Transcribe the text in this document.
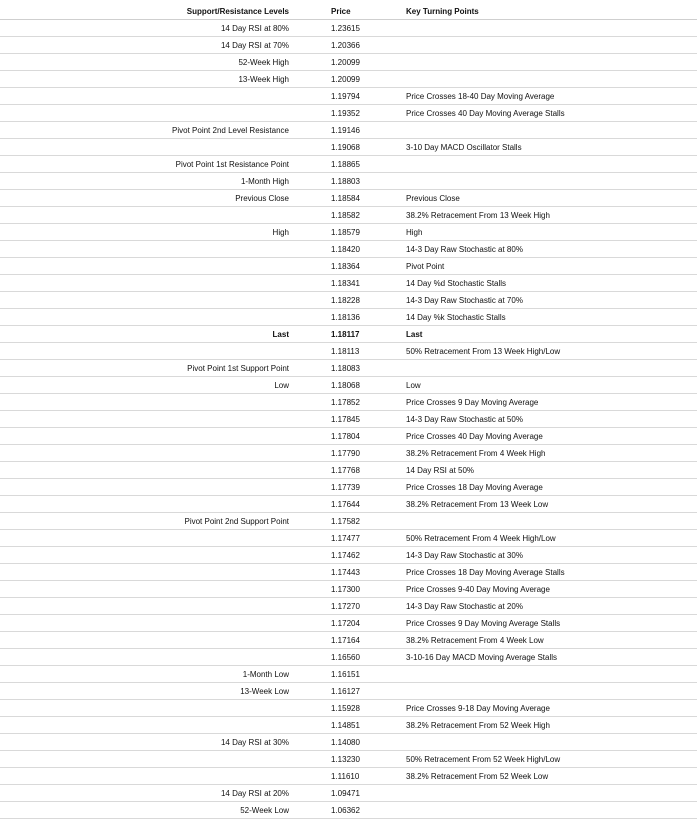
Support/Resistance Levels	Price	Key Turning Points
14 Day RSI at 80%	1.23615	
14 Day RSI at 70%	1.20366	
52-Week High	1.20099	
13-Week High	1.20099	
	1.19794	Price Crosses 18-40 Day Moving Average
	1.19352	Price Crosses 40 Day Moving Average Stalls
Pivot Point 2nd Level Resistance	1.19146	
	1.19068	3-10 Day MACD Oscillator Stalls
Pivot Point 1st Resistance Point	1.18865	
1-Month High	1.18803	
Previous Close	1.18584	Previous Close
	1.18582	38.2% Retracement From 13 Week High
High	1.18579	High
	1.18420	14-3 Day Raw Stochastic at 80%
	1.18364	Pivot Point
	1.18341	14 Day %d Stochastic Stalls
	1.18228	14-3 Day Raw Stochastic at 70%
	1.18136	14 Day %k Stochastic Stalls
Last	1.18117	Last
	1.18113	50% Retracement From 13 Week High/Low
Pivot Point 1st Support Point	1.18083	
Low	1.18068	Low
	1.17852	Price Crosses 9 Day Moving Average
	1.17845	14-3 Day Raw Stochastic at 50%
	1.17804	Price Crosses 40 Day Moving Average
	1.17790	38.2% Retracement From 4 Week High
	1.17768	14 Day RSI at 50%
	1.17739	Price Crosses 18 Day Moving Average
	1.17644	38.2% Retracement From 13 Week Low
Pivot Point 2nd Support Point	1.17582	
	1.17477	50% Retracement From 4 Week High/Low
	1.17462	14-3 Day Raw Stochastic at 30%
	1.17443	Price Crosses 18 Day Moving Average Stalls
	1.17300	Price Crosses 9-40 Day Moving Average
	1.17270	14-3 Day Raw Stochastic at 20%
	1.17204	Price Crosses 9 Day Moving Average Stalls
	1.17164	38.2% Retracement From 4 Week Low
	1.16560	3-10-16 Day MACD Moving Average Stalls
1-Month Low	1.16151	
13-Week Low	1.16127	
	1.15928	Price Crosses 9-18 Day Moving Average
	1.14851	38.2% Retracement From 52 Week High
14 Day RSI at 30%	1.14080	
	1.13230	50% Retracement From 52 Week High/Low
	1.11610	38.2% Retracement From 52 Week Low
14 Day RSI at 20%	1.09471	
52-Week Low	1.06362	
